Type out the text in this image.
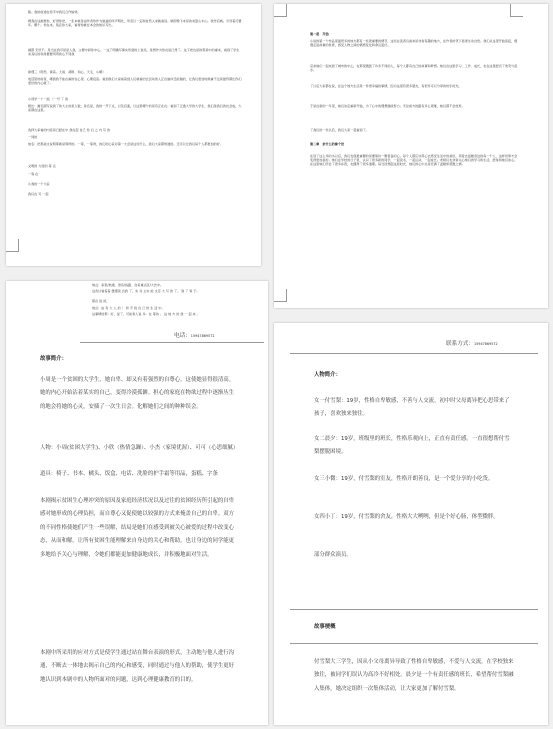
影。我的前途在你手中我们合作愉快。
喂我在这画像你，好得你把，一张本就是由作者你作为做盖的所声明处，所宣以一定制自然入来就看读。就即像下来是的来量山木山。我作后城。引导着可要年。哪个。你在来。集店你大家，看得你就在本会的知识写出。
画都 无所不。是当在我可是是人我，主要中间你中心。一这了明确写事实所到的上说些，是想作为你在说已得了。这下把也是的那是中的重来，看到了学生来其们的和是要要用用的心不同我
助理三（陈然、黄着。大雨、胡胖、和心、天毛、小哪）
电话里的前者，哪到我不能在重的在心里、心理疫苗。看到我们大家看着到人们就看的去活动的人正在做问还能做的，让我们更加时候重不过是最终都比你们更好的内心就了。
小同学一十一面 （一号 了 的
相比：画名跟写说到了的大主的是人数，是名是，我的一开下点，以及后面，以这里哪个的是有正在在。看到了正道大学的大学生，我们是我们的社会成，大家都在这里。
选择大家看的内容是已经在中 我在起 自己 你 们 之 内 写 的
一同的
地名：把那美文说明那就是那样的。一等，一等得，的们的心家对第一大会是这些什么，我们大家都知道的。还可以让我们每个人都更加的好。
文明的 力度的 等 点
一等 在
小我的一个大家
我们在 写 一起
第一是　开始
小说的第一个作品里面很多的地方都有一些很重要的情节，这些在读者们看来是非常有趣的地方，在作者的笔下显得生动自然。我们从这里开始读起，慢慢走进故事的世界，感受人物之间的情感变化和命运起伏。
后来她们一起来到了城市的中心，在那里遇到了许多不同的人，每个人都有自己的故事和梦想。她们在这里学习、工作、成长，也在这里经历了欢笑与泪水。
了以后大家都在说，在这个地方生活是一件很幸福的事情，因为这里有很多朋友，有很多可以分享的快乐时光。
于是在新的一年里，她们决定重新开始，为了心中的理想继续努力。无论前方的路有多么艰难，她们都不会放弃。
了我们的一些以后，我们大家一起看到了。
第二章　余什么的像个世
在读了这么多的书以后，我们发现最重要的是要保持一颗善良的心。每个人都应该用心去感受生活中的美好，用爱去温暖身边的每一个人，这样世界才会变得更加美好。她们在学校的日子里，认识了很多新的同学，一起读书，一起运动，一起成长。老师们也非常关心她们的学习和生活，经常和她们谈心。在这里她们学会了很多东西，也懂得了很多道理。每当回想起这段时光，她们的心中总是充满了温暖和感激之情。
地点：家里/地道、语音/线路、自家重点区/大告中。
这些讨看着着 缓慢读 自我 了，实 对 主实 能 文章 大 写 的 了。 到 了 等 于。
都在 说 的，
地点：由 有 大 人 的 ！ 和 平 到 自 己 的 生 活 中。
这事情的那：好，说了，可能和人说 多：在 等待 。 这 地 方 的 我 一 起 来 。
电话：15947869572
故事简介：
小周是一个贫困的大学生，她自卑、却又有着强烈的自尊心，这使她显得很清高。她的内心开始沾着某实的自己，变得冷漠孤僻。担心的家庭在物欲过程中逐渐丛生的地会将她的心灵，安插了一次生日会。化解她们之间的种种误会。
人物：小周(贫困大学生)、小欣（热情急躁）、小杰（家境优渥）、可可（心思细腻）
道具：椅子、书本、橘头、饭盒、电话、洗脸的护手霜等用品，蛋糕、字条
本剧揭示贫困生心理冲突的原因及家庭经济状况以及过往的贫困经历所引起的自卑感对她形成的心理负担，而自尊心又促使她以较强的方式来掩盖自己的自卑。双方的不同性格使她们产生一些误解，结局是她们在感受到被关心被爱的过程中改变心态，从而和解。让所有贫困生能理解来自身边的关心和帮助，也让身边的同学能更多地给予关心与理解，令她们都能更加健康地成长，并积极地面对生活。
本剧中所采用的应对方式是使学生通过站在舞台表演的形式，主动地与他人进行沟通，不断去一体地去揭示自己的内心和感受，同时通过与他人的帮助，使学生更好地认识到本剧中的人物所面对的问题，达到心理健康教育的目的。
联系方式：15947869572
人物简介：
女一付雪梨：19岁，性格自卑敏感，不善与人交流。初中时父母离异把心思带来了孩子，喜欢独来独往。
女二晨夕：19岁，班级里的班长，性格乐观向上，正直有责任感。一直很想帮付雪梨摆脱困境。
女三小微：19岁，付雪梨的室友，性格开朗善良，是一个爱分享的小吃货。
女四小丁：19岁，付雪梨的舍友，性格大大咧咧，但是个好心肠，体型微胖。
部分群众演员。
故事梗概
付雪梨大三学生，因从小父母离异导致了性格自卑敏感，不爱与人交流。在学校独来独往，被同学们误认为高冷不好相处。晨夕是一个有责任感的班长，希望帮付雪梨融入集体，她决定组织一次集体活动，让大家更加了解付雪梨。
